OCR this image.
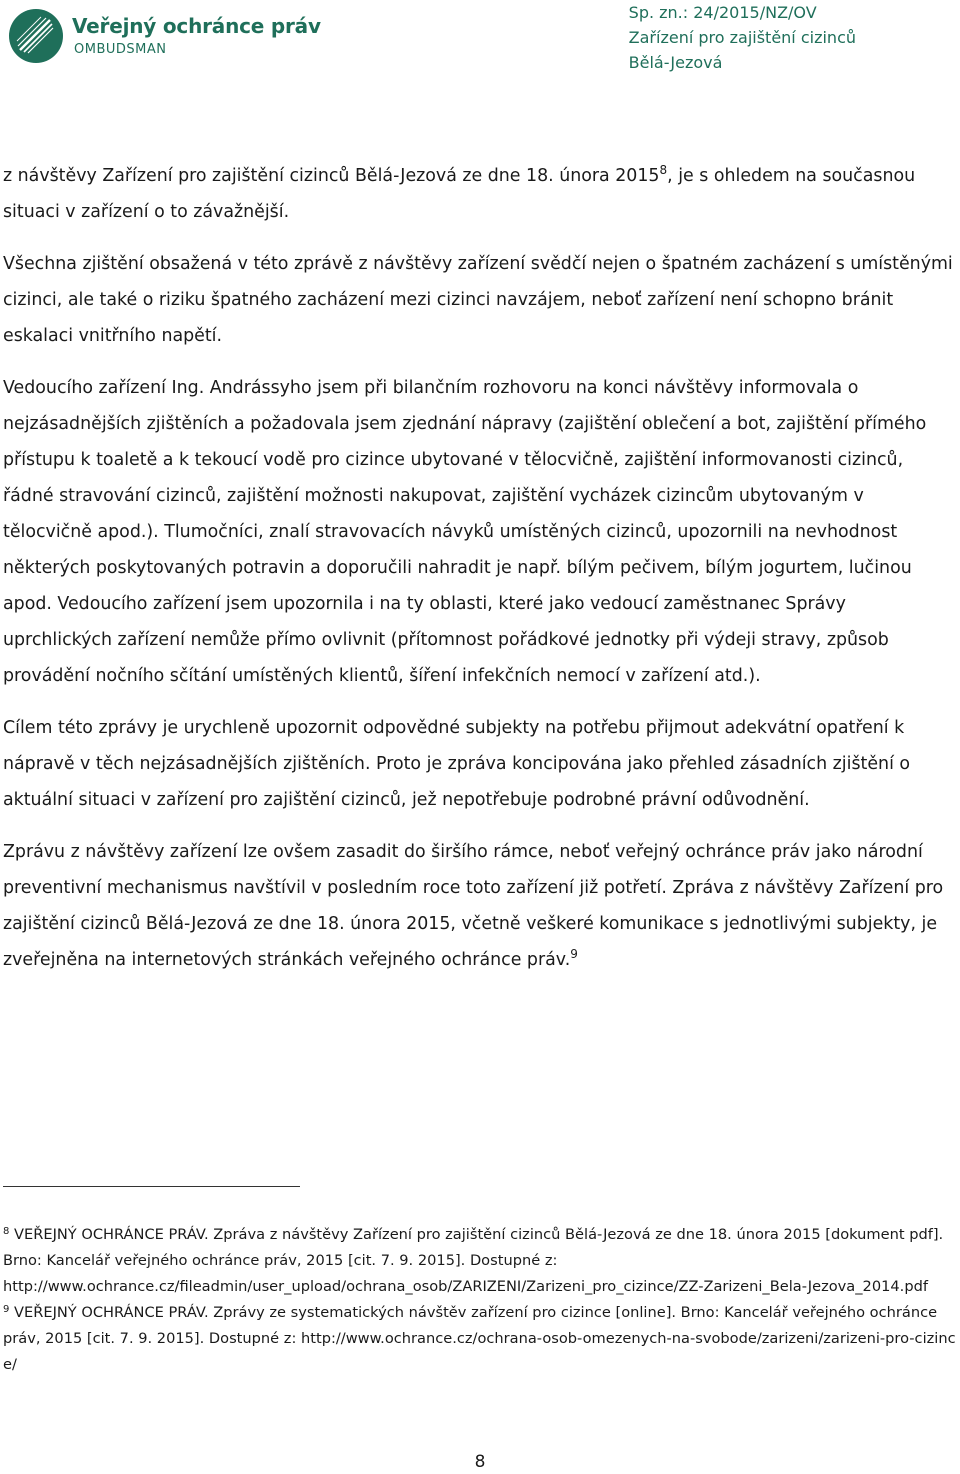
Veřejný ochránce práv
OMBUDSMAN
Sp. zn.: 24/2015/NZ/OV
Zařízení pro zajištění cizinců
Bělá-Jezová

z návštěvy Zařízení pro zajištění cizinců Bělá-Jezová ze dne 18. února 2015$^8$, je s ohledem na současnou situaci v zařízení o to závažnější.

Všechna zjištění obsažená v této zprávě z návštěvy zařízení svědčí nejen o špatném zacházení s umístěnými cizinci, ale také o riziku špatného zacházení mezi cizinci navzájem, neboť zařízení není schopno bránit eskalaci vnitřního napětí.

Vedoucího zařízení Ing. Andrássyho jsem při bilančním rozhovoru na konci návštěvy informovala o nejzásadnějších zjištěních a požadovala jsem zjednání nápravy (zajištění oblečení a bot, zajištění přímého přístupu k toaletě a k tekoucí vodě pro cizince ubytované v tělocvičně, zajištění informovanosti cizinců, řádné stravování cizinců, zajištění možnosti nakupovat, zajištění vycházek cizincům ubytovaným v tělocvičně apod.). Tlumočníci, znalí stravovacích návyků umístěných cizinců, upozornili na nevhodnost některých poskytovaných potravin a doporučili nahradit je např. bílým pečivem, bílým jogurtem, lučinou apod. Vedoucího zařízení jsem upozornila i na ty oblasti, které jako vedoucí zaměstnanec Správy uprchlických zařízení nemůže přímo ovlivnit (přítomnost pořádkové jednotky při výdeji stravy, způsob provádění nočního sčítání umístěných klientů, šíření infekčních nemocí v zařízení atd.).

Cílem této zprávy je urychleně upozornit odpovědné subjekty na potřebu přijmout adekvátní opatření k nápravě v těch nejzásadnějších zjištěních. Proto je zpráva koncipována jako přehled zásadních zjištění o aktuální situaci v zařízení pro zajištění cizinců, jež nepotřebuje podrobné právní odůvodnění.

Zprávu z návštěvy zařízení lze ovšem zasadit do širšího rámce, neboť veřejný ochránce práv jako národní preventivní mechanismus navštívil v posledním roce toto zařízení již potřetí. Zpráva z návštěvy Zařízení pro zajištění cizinců Bělá-Jezová ze dne 18. února 2015, včetně veškeré komunikace s jednotlivými subjekty, je zveřejněna na internetových stránkách veřejného ochránce práv.$^9$

$^8$ VEŘEJNÝ OCHRÁNCE PRÁV. Zpráva z návštěvy Zařízení pro zajištění cizinců Bělá-Jezová ze dne 18. února 2015 [dokument pdf]. Brno: Kancelář veřejného ochránce práv, 2015 [cit. 7. 9. 2015]. Dostupné z:
http://www.ochrance.cz/fileadmin/user_upload/ochrana_osob/ZARIZENI/Zarizeni_pro_cizince/ZZ-Zarizeni_Bela-Jezova_2014.pdf

$^9$ VEŘEJNÝ OCHRÁNCE PRÁV. Zprávy ze systematických návštěv zařízení pro cizince [online]. Brno: Kancelář veřejného ochránce práv, 2015 [cit. 7. 9. 2015]. Dostupné z: http://www.ochrance.cz/ochrana-osob-omezenych-na-svobode/zarizeni/zarizeni-pro-cizince/

8
